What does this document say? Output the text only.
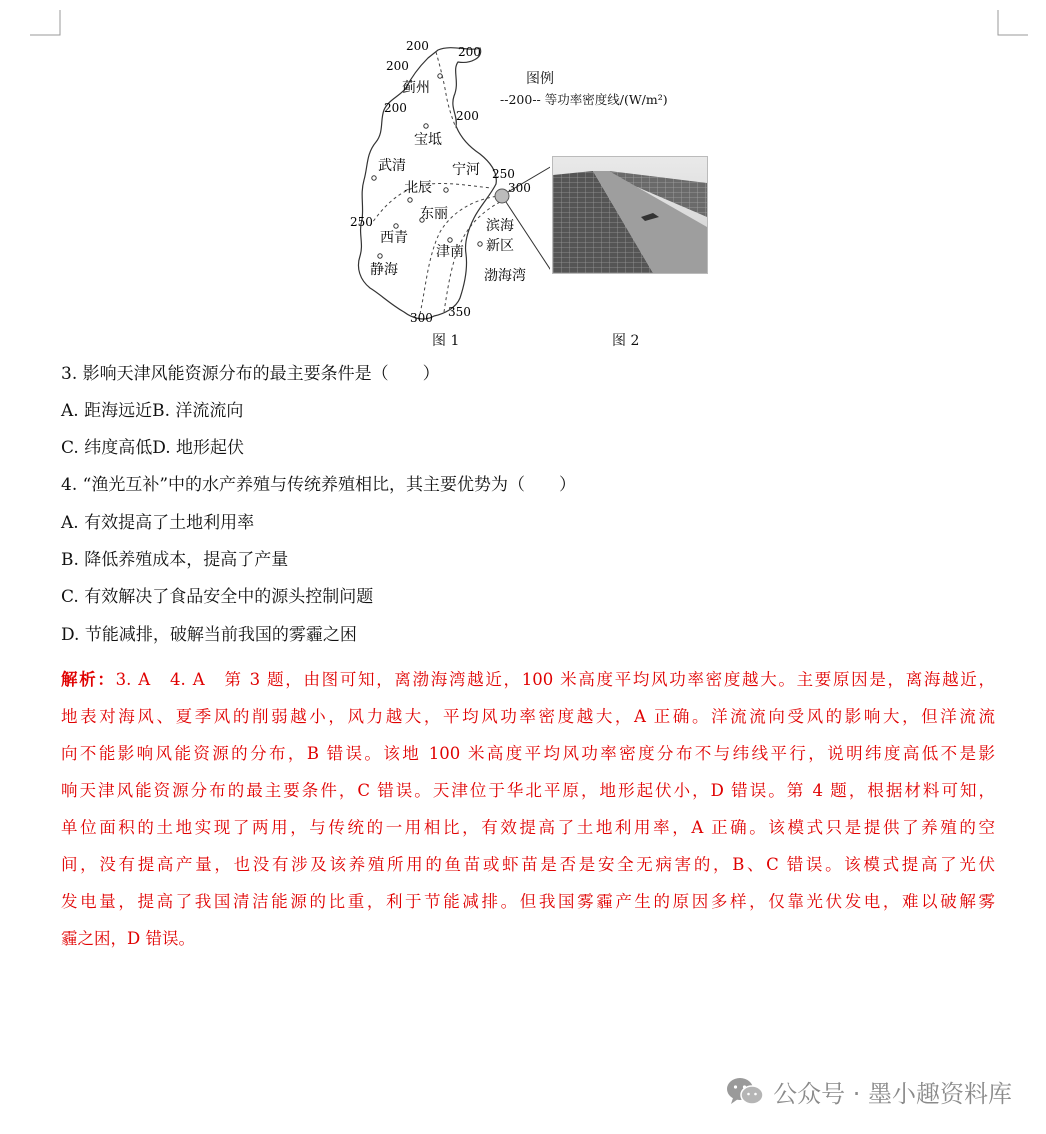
200 200
200
200
200
250
300
250
300 350
蓟州
宝坻
武清	宁河
北辰
东丽
西青
津南
静海
滨海
新区
渤海湾
图例
--200-- 等功率密度线/(W/m²)
图 1	图 2
3. 影响天津风能资源分布的最主要条件是（　　）
A. 距海远近B. 洋流流向
C. 纬度高低D. 地形起伏
4. “渔光互补”中的水产养殖与传统养殖相比，其主要优势为（　　）
A. 有效提高了土地利用率
B. 降低养殖成本，提高了产量
C. 有效解决了食品安全中的源头控制问题
D. 节能减排，破解当前我国的雾霾之困
解析：3. A　4. A　第 3 题，由图可知，离渤海湾越近，100 米高度平均风功率密度越大。主要原因是，离海越近，
地表对海风、夏季风的削弱越小，风力越大，平均风功率密度越大，A 正确。洋流流向受风的影响大，但洋流流
向不能影响风能资源的分布，B 错误。该地 100 米高度平均风功率密度分布不与纬线平行，说明纬度高低不是影
响天津风能资源分布的最主要条件，C 错误。天津位于华北平原，地形起伏小，D 错误。第 4 题，根据材料可知，
单位面积的土地实现了两用，与传统的一用相比，有效提高了土地利用率，A 正确。该模式只是提供了养殖的空
间，没有提高产量，也没有涉及该养殖所用的鱼苗或虾苗是否是安全无病害的，B、C 错误。该模式提高了光伏
发电量，提高了我国清洁能源的比重，利于节能减排。但我国雾霾产生的原因多样，仅靠光伏发电，难以破解雾
霾之困，D 错误。
公众号 · 墨小趣资料库
